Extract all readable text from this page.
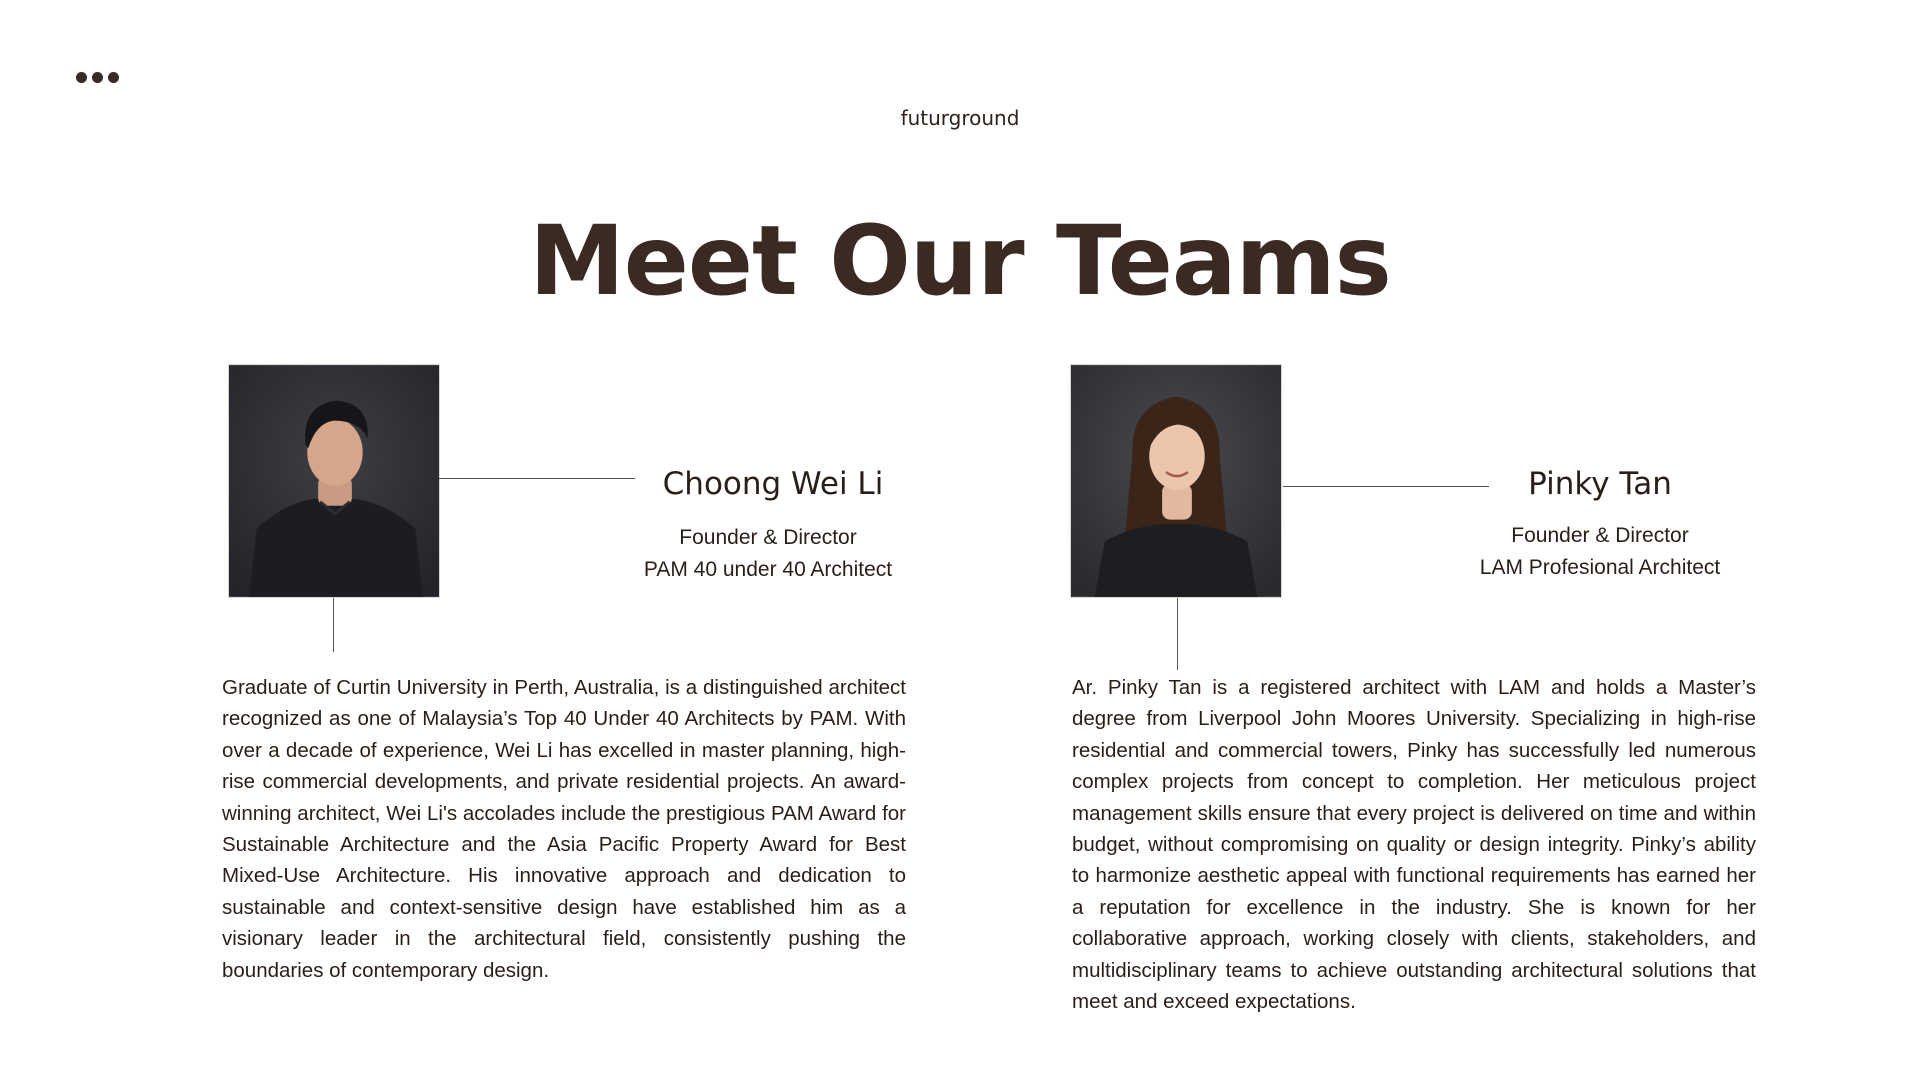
futurground
Meet Our Teams
Choong Wei Li
Founder & Director
PAM 40 under 40 Architect

Graduate of Curtin University in Perth, Australia, is a distinguished architect recognized as one of Malaysia’s Top 40 Under 40 Architects by PAM. With over a decade of experience, Wei Li has excelled in master planning, high-rise commercial developments, and private residential projects. An award-winning architect, Wei Li's accolades include the prestigious PAM Award for Sustainable Architecture and the Asia Pacific Property Award for Best Mixed-Use Architecture. His innovative approach and dedication to sustainable and context-sensitive design have established him as a visionary leader in the architectural field, consistently pushing the boundaries of contemporary design.

Pinky Tan
Founder & Director
LAM Profesional Architect

Ar. Pinky Tan is a registered architect with LAM and holds a Master’s degree from Liverpool John Moores University. Specializing in high-rise residential and commercial towers, Pinky has successfully led numerous complex projects from concept to completion. Her meticulous project management skills ensure that every project is delivered on time and within budget, without compromising on quality or design integrity. Pinky’s ability to harmonize aesthetic appeal with functional requirements has earned her a reputation for excellence in the industry. She is known for her collaborative approach, working closely with clients, stakeholders, and multidisciplinary teams to achieve outstanding architectural solutions that meet and exceed expectations.
